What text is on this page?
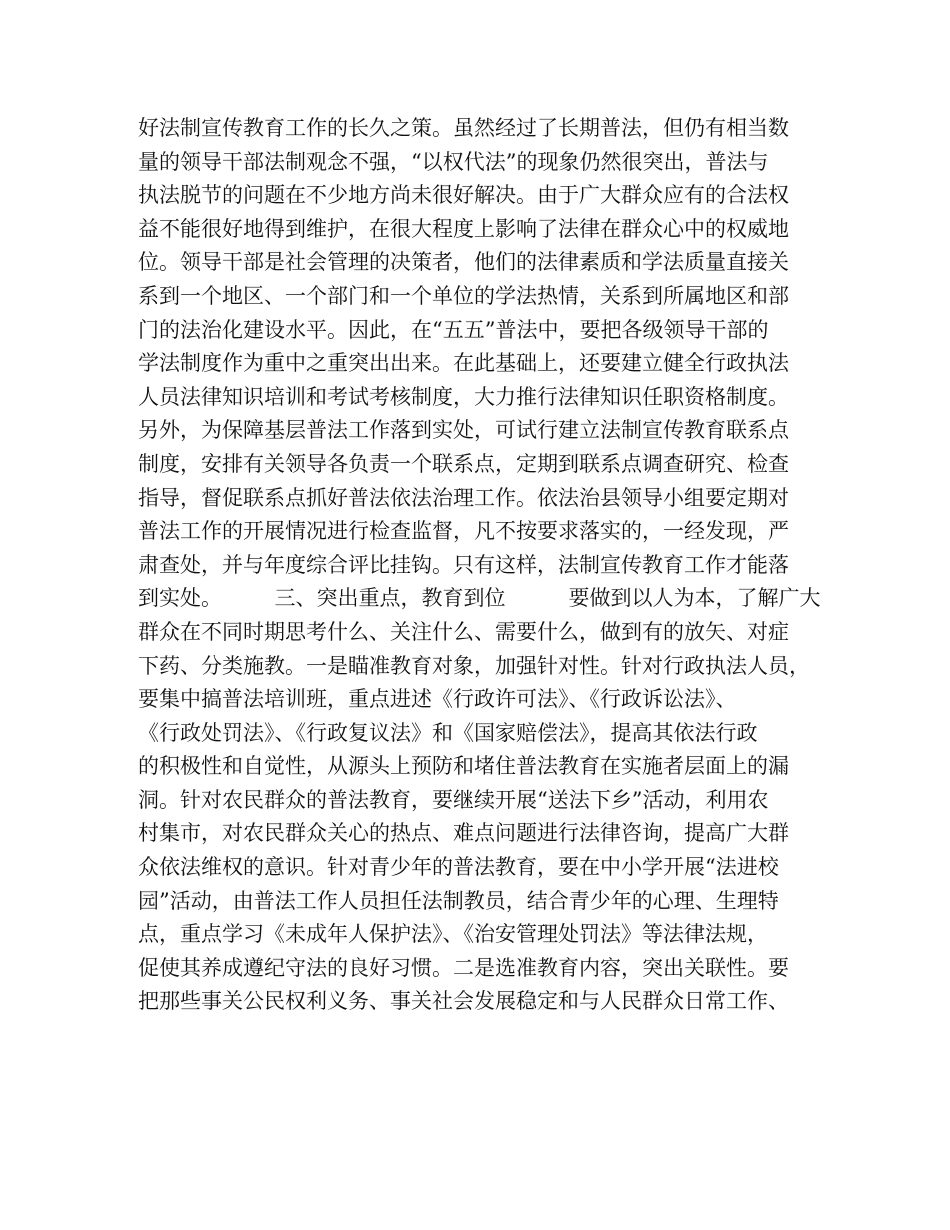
好法制宣传教育工作的长久之策。虽然经过了长期普法，但仍有相当数
量的领导干部法制观念不强，“以权代法”的现象仍然很突出，普法与
执法脱节的问题在不少地方尚未很好解决。由于广大群众应有的合法权
益不能很好地得到维护，在很大程度上影响了法律在群众心中的权威地
位。领导干部是社会管理的决策者，他们的法律素质和学法质量直接关
系到一个地区、一个部门和一个单位的学法热情，关系到所属地区和部
门的法治化建设水平。因此，在“五五”普法中，要把各级领导干部的
学法制度作为重中之重突出出来。在此基础上，还要建立健全行政执法
人员法律知识培训和考试考核制度，大力推行法律知识任职资格制度。
另外，为保障基层普法工作落到实处，可试行建立法制宣传教育联系点
制度，安排有关领导各负责一个联系点，定期到联系点调查研究、检查
指导，督促联系点抓好普法依法治理工作。依法治县领导小组要定期对
普法工作的开展情况进行检查监督，凡不按要求落实的，一经发现，严
肃查处，并与年度综合评比挂钩。只有这样，法制宣传教育工作才能落
到实处。　　　三、突出重点，教育到位　　　要做到以人为本，了解广大
群众在不同时期思考什么、关注什么、需要什么，做到有的放矢、对症
下药、分类施教。一是瞄准教育对象，加强针对性。针对行政执法人员，
要集中搞普法培训班，重点进述《行政许可法》、《行政诉讼法》、
《行政处罚法》、《行政复议法》和《国家赔偿法》，提高其依法行政
的积极性和自觉性，从源头上预防和堵住普法教育在实施者层面上的漏
洞。针对农民群众的普法教育，要继续开展“送法下乡”活动，利用农
村集市，对农民群众关心的热点、难点问题进行法律咨询，提高广大群
众依法维权的意识。针对青少年的普法教育，要在中小学开展“法进校
园”活动，由普法工作人员担任法制教员，结合青少年的心理、生理特
点，重点学习《未成年人保护法》、《治安管理处罚法》等法律法规，
促使其养成遵纪守法的良好习惯。二是选准教育内容，突出关联性。要
把那些事关公民权利义务、事关社会发展稳定和与人民群众日常工作、
